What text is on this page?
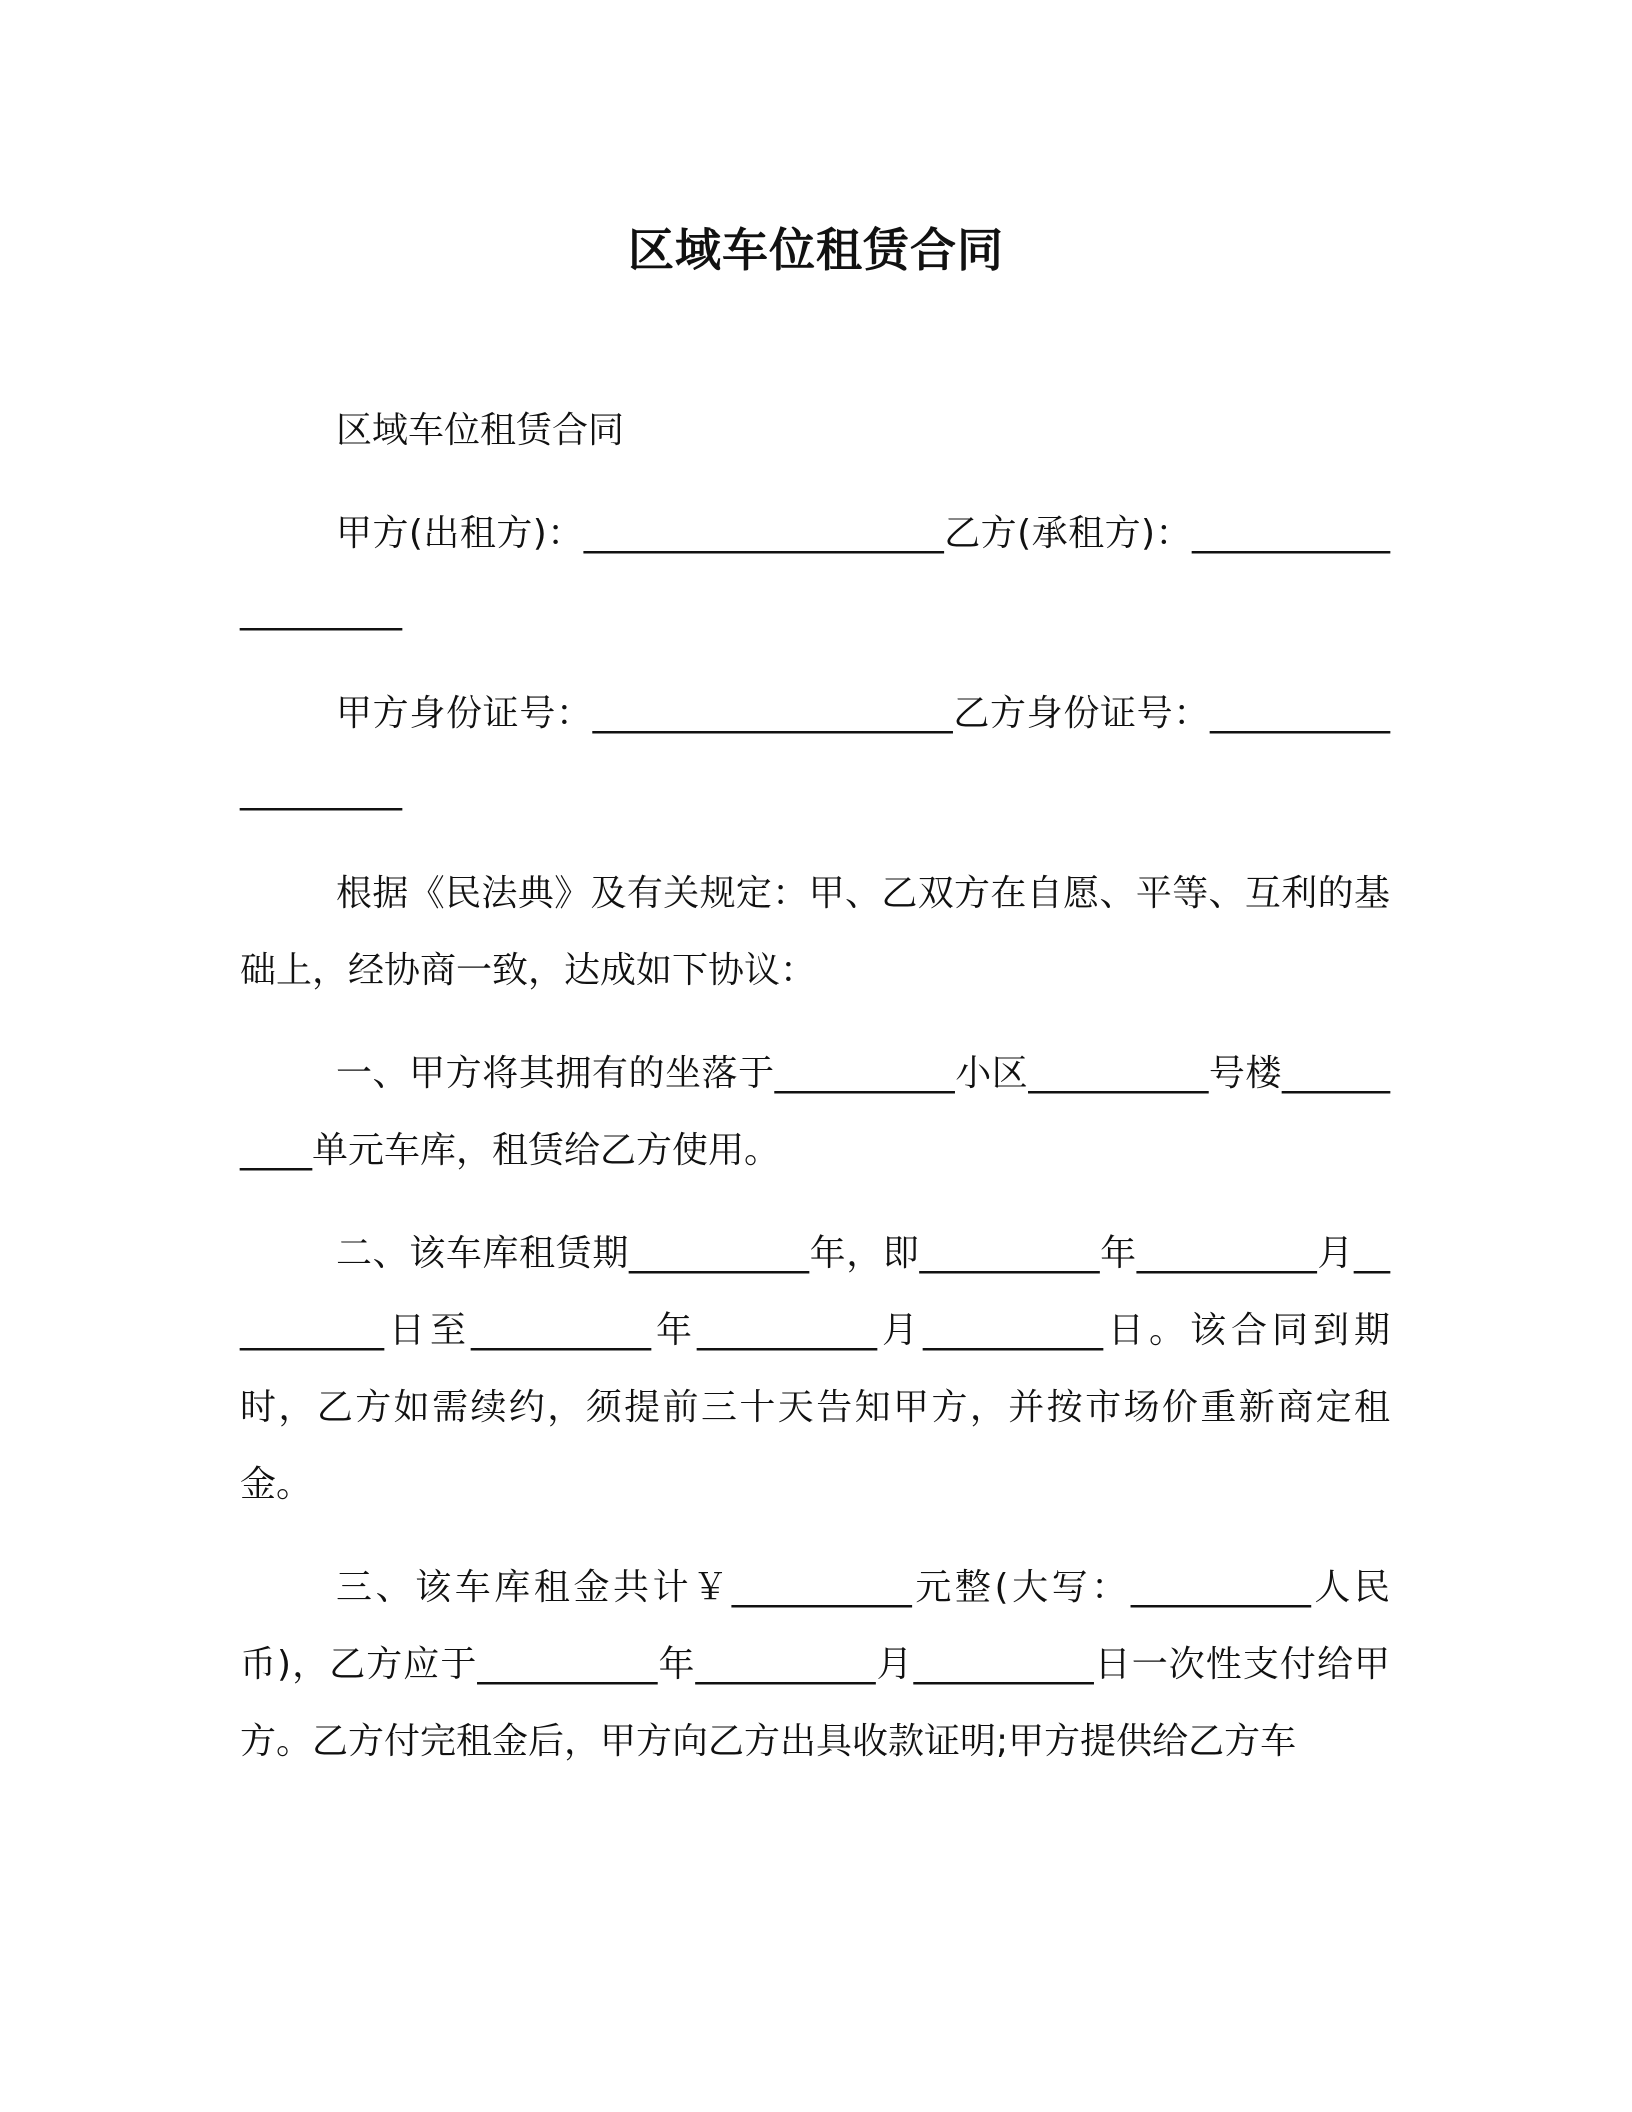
区域车位租赁合同

区域车位租赁合同

甲方(出租方)：____________________乙方(承租方)：____________________

甲方身份证号：____________________乙方身份证号：___________________

根据《民法典》及有关规定：甲、乙双方在自愿、平等、互利的基础上，经协商一致，达成如下协议：

一、甲方将其拥有的坐落于__________小区__________号楼__________单元车库，租赁给乙方使用。

二、该车库租赁期__________年，即__________年__________月__________日至__________年__________月__________日。该合同到期时，乙方如需续约，须提前三十天告知甲方，并按市场价重新商定租金。

三、该车库租金共计￥__________元整(大写：__________人民币)，乙方应于__________年__________月__________日一次性支付给甲方。乙方付完租金后，甲方向乙方出具收款证明;甲方提供给乙方车
